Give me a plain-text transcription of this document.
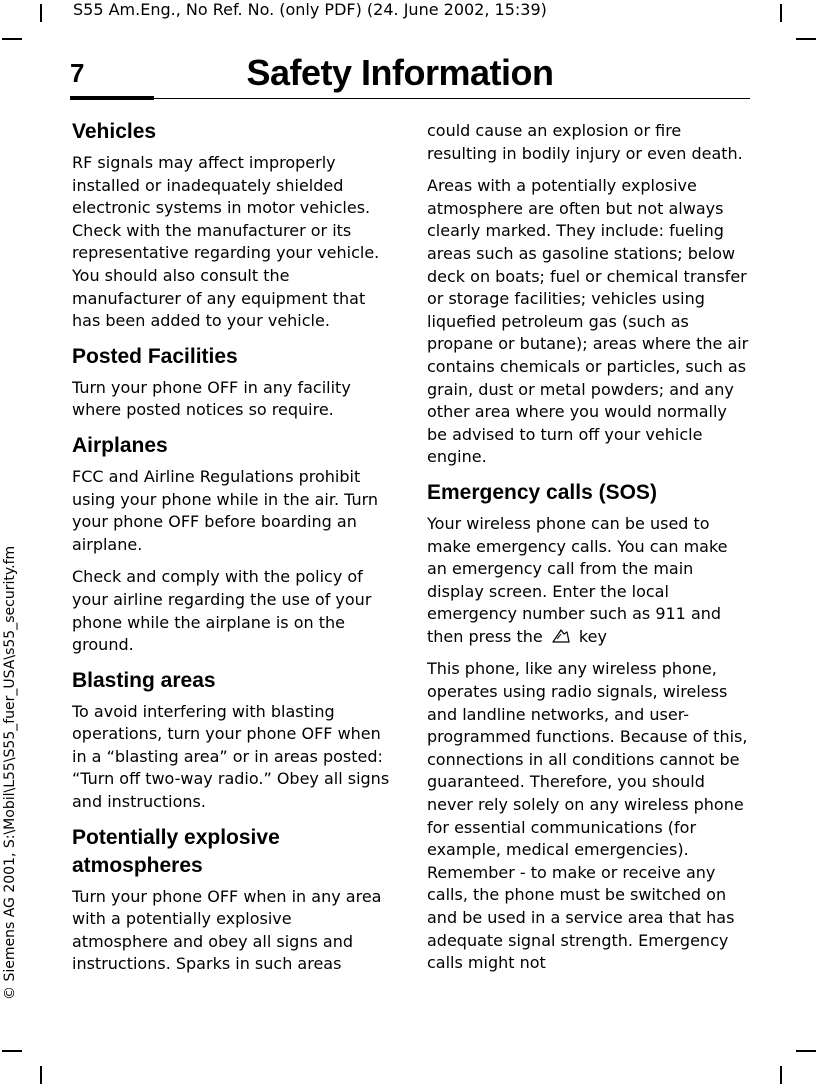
S55 Am.Eng., No Ref. No. (only PDF) (24. June 2002, 15:39)
7	Safety Information
© Siemens AG 2001, S:\Mobil\L55\S55_fuer_USA\s55_security.fm
Vehicles
RF signals may affect improperly installed or inadequately shielded electronic systems in motor vehicles. Check with the manufacturer or its representative regarding your vehicle. You should also consult the manufacturer of any equipment that has been added to your vehicle.
Posted Facilities
Turn your phone OFF in any facility where posted notices so require.
Airplanes
FCC and Airline Regulations prohibit using your phone while in the air. Turn your phone OFF before boarding an airplane.
Check and comply with the policy of your airline regarding the use of your phone while the airplane is on the ground.
Blasting areas
To avoid interfering with blasting operations, turn your phone OFF when in a “blasting area” or in areas posted: “Turn off two-way radio.” Obey all signs and instructions.
Potentially explosive atmospheres
Turn your phone OFF when in any area with a potentially explosive atmosphere and obey all signs and instructions. Sparks in such areas
could cause an explosion or fire resulting in bodily injury or even death.
Areas with a potentially explosive atmosphere are often but not always clearly marked. They include: fueling areas such as gasoline stations; below deck on boats; fuel or chemical transfer or storage facilities; vehicles using liquefied petroleum gas (such as propane or butane); areas where the air contains chemicals or particles, such as grain, dust or metal powders; and any other area where you would normally be advised to turn off your vehicle engine.
Emergency calls (SOS)
Your wireless phone can be used to make emergency calls. You can make an emergency call from the main display screen. Enter the local emergency number such as 911 and then press the key
This phone, like any wireless phone, operates using radio signals, wireless and landline networks, and user-programmed functions. Because of this, connections in all conditions cannot be guaranteed. Therefore, you should never rely solely on any wireless phone for essential communications (for example, medical emergencies). Remember - to make or receive any calls, the phone must be switched on and be used in a service area that has adequate signal strength. Emergency calls might not
